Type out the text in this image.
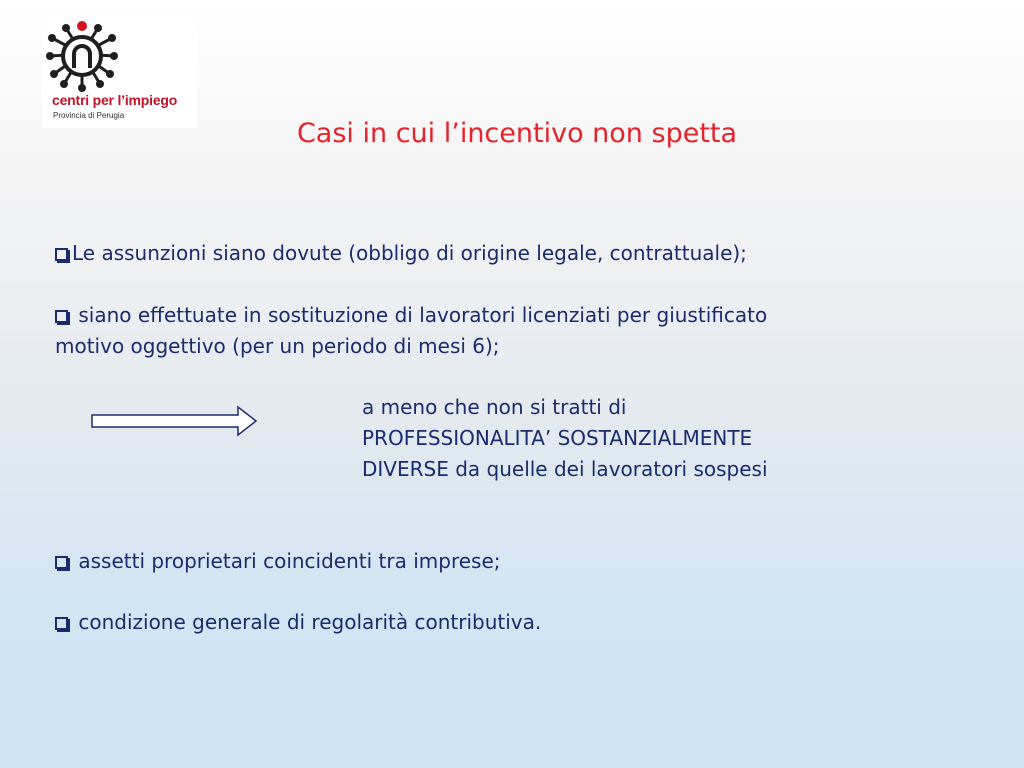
centri per l’impiego
Provincia di Perugia
Casi in cui l’incentivo non spetta
Le assunzioni siano dovute (obbligo di origine legale, contrattuale);
siano effettuate in sostituzione di lavoratori licenziati per giustificato
motivo oggettivo (per un periodo di mesi 6);
a meno che non si tratti di
PROFESSIONALITA’ SOSTANZIALMENTE
DIVERSE da quelle dei lavoratori sospesi
assetti proprietari coincidenti tra imprese;
condizione generale di regolarità contributiva.
